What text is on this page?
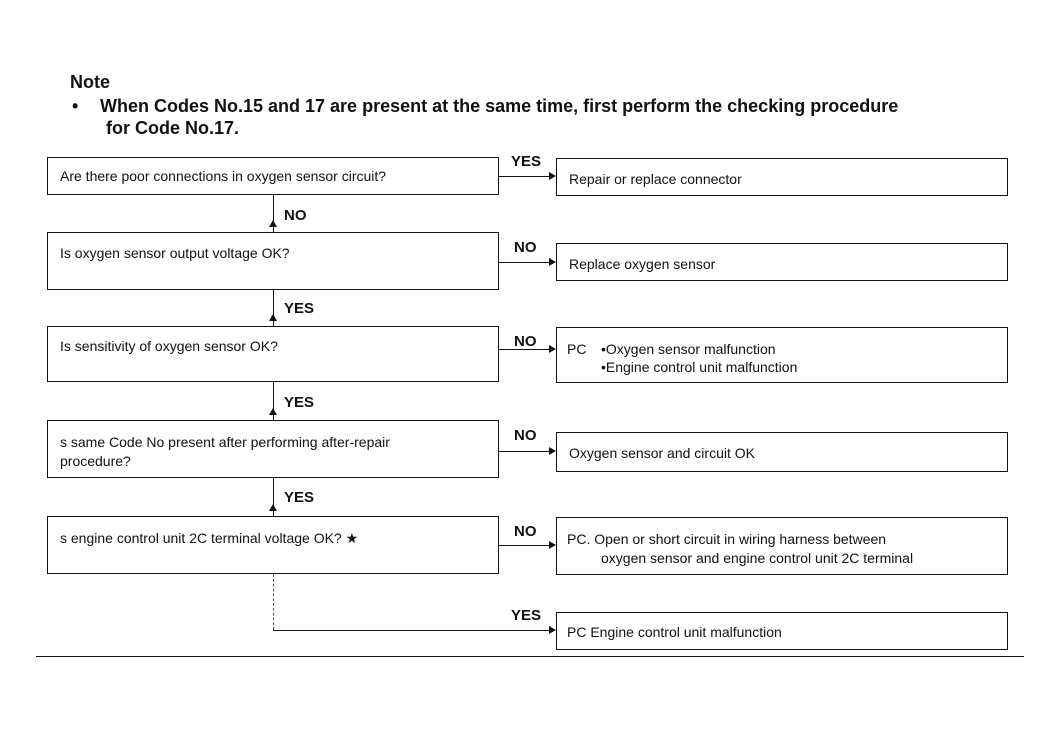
Note
• When Codes No.15 and 17 are present at the same time, first perform the checking procedure
for Code No.17.
Are there poor connections in oxygen sensor circuit?
YES
Repair or replace connector
NO
Is oxygen sensor output voltage OK?	NO
Replace oxygen sensor
YES
Is sensitivity of oxygen sensor OK?	NO PC •Oxygen sensor malfunction
•Engine control unit malfunction
YES
s same Code No present after performing after-repair
procedure?
NO
Oxygen sensor and circuit OK
YES
s engine control unit 2C terminal voltage OK? ★	NO PC. Open or short circuit in wiring harness between
oxygen sensor and engine control unit 2C terminal
YES
PC Engine control unit malfunction
